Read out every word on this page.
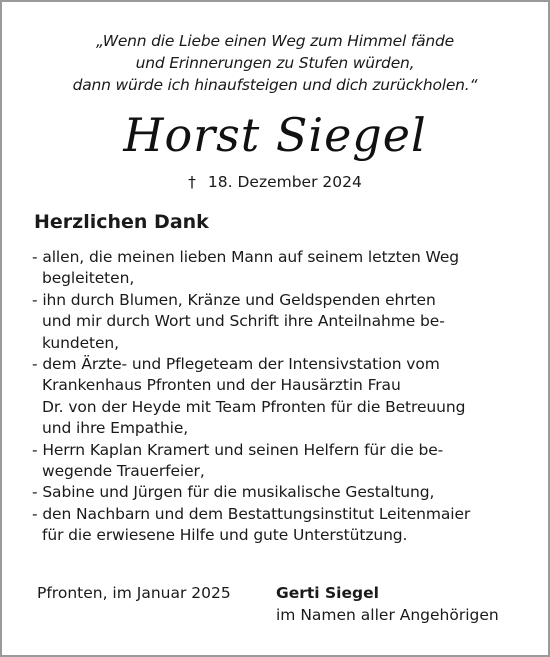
„Wenn die Liebe einen Weg zum Himmel fände
und Erinnerungen zu Stufen würden,
dann würde ich hinaufsteigen und dich zurückholen.“
Horst Siegel
† 18. Dezember 2024
Herzlichen Dank
- allen, die meinen lieben Mann auf seinem letzten Weg
begleiteten,
- ihn durch Blumen, Kränze und Geldspenden ehrten
und mir durch Wort und Schrift ihre Anteilnahme be-
kundeten,
- dem Ärzte- und Pflegeteam der Intensivstation vom
Krankenhaus Pfronten und der Hausärztin Frau
Dr. von der Heyde mit Team Pfronten für die Betreuung
und ihre Empathie,
- Herrn Kaplan Kramert und seinen Helfern für die be-
wegende Trauerfeier,
- Sabine und Jürgen für die musikalische Gestaltung,
- den Nachbarn und dem Bestattungsinstitut Leitenmaier
für die erwiesene Hilfe und gute Unterstützung.
Pfronten, im Januar 2025	Gerti Siegel
im Namen aller Angehörigen
